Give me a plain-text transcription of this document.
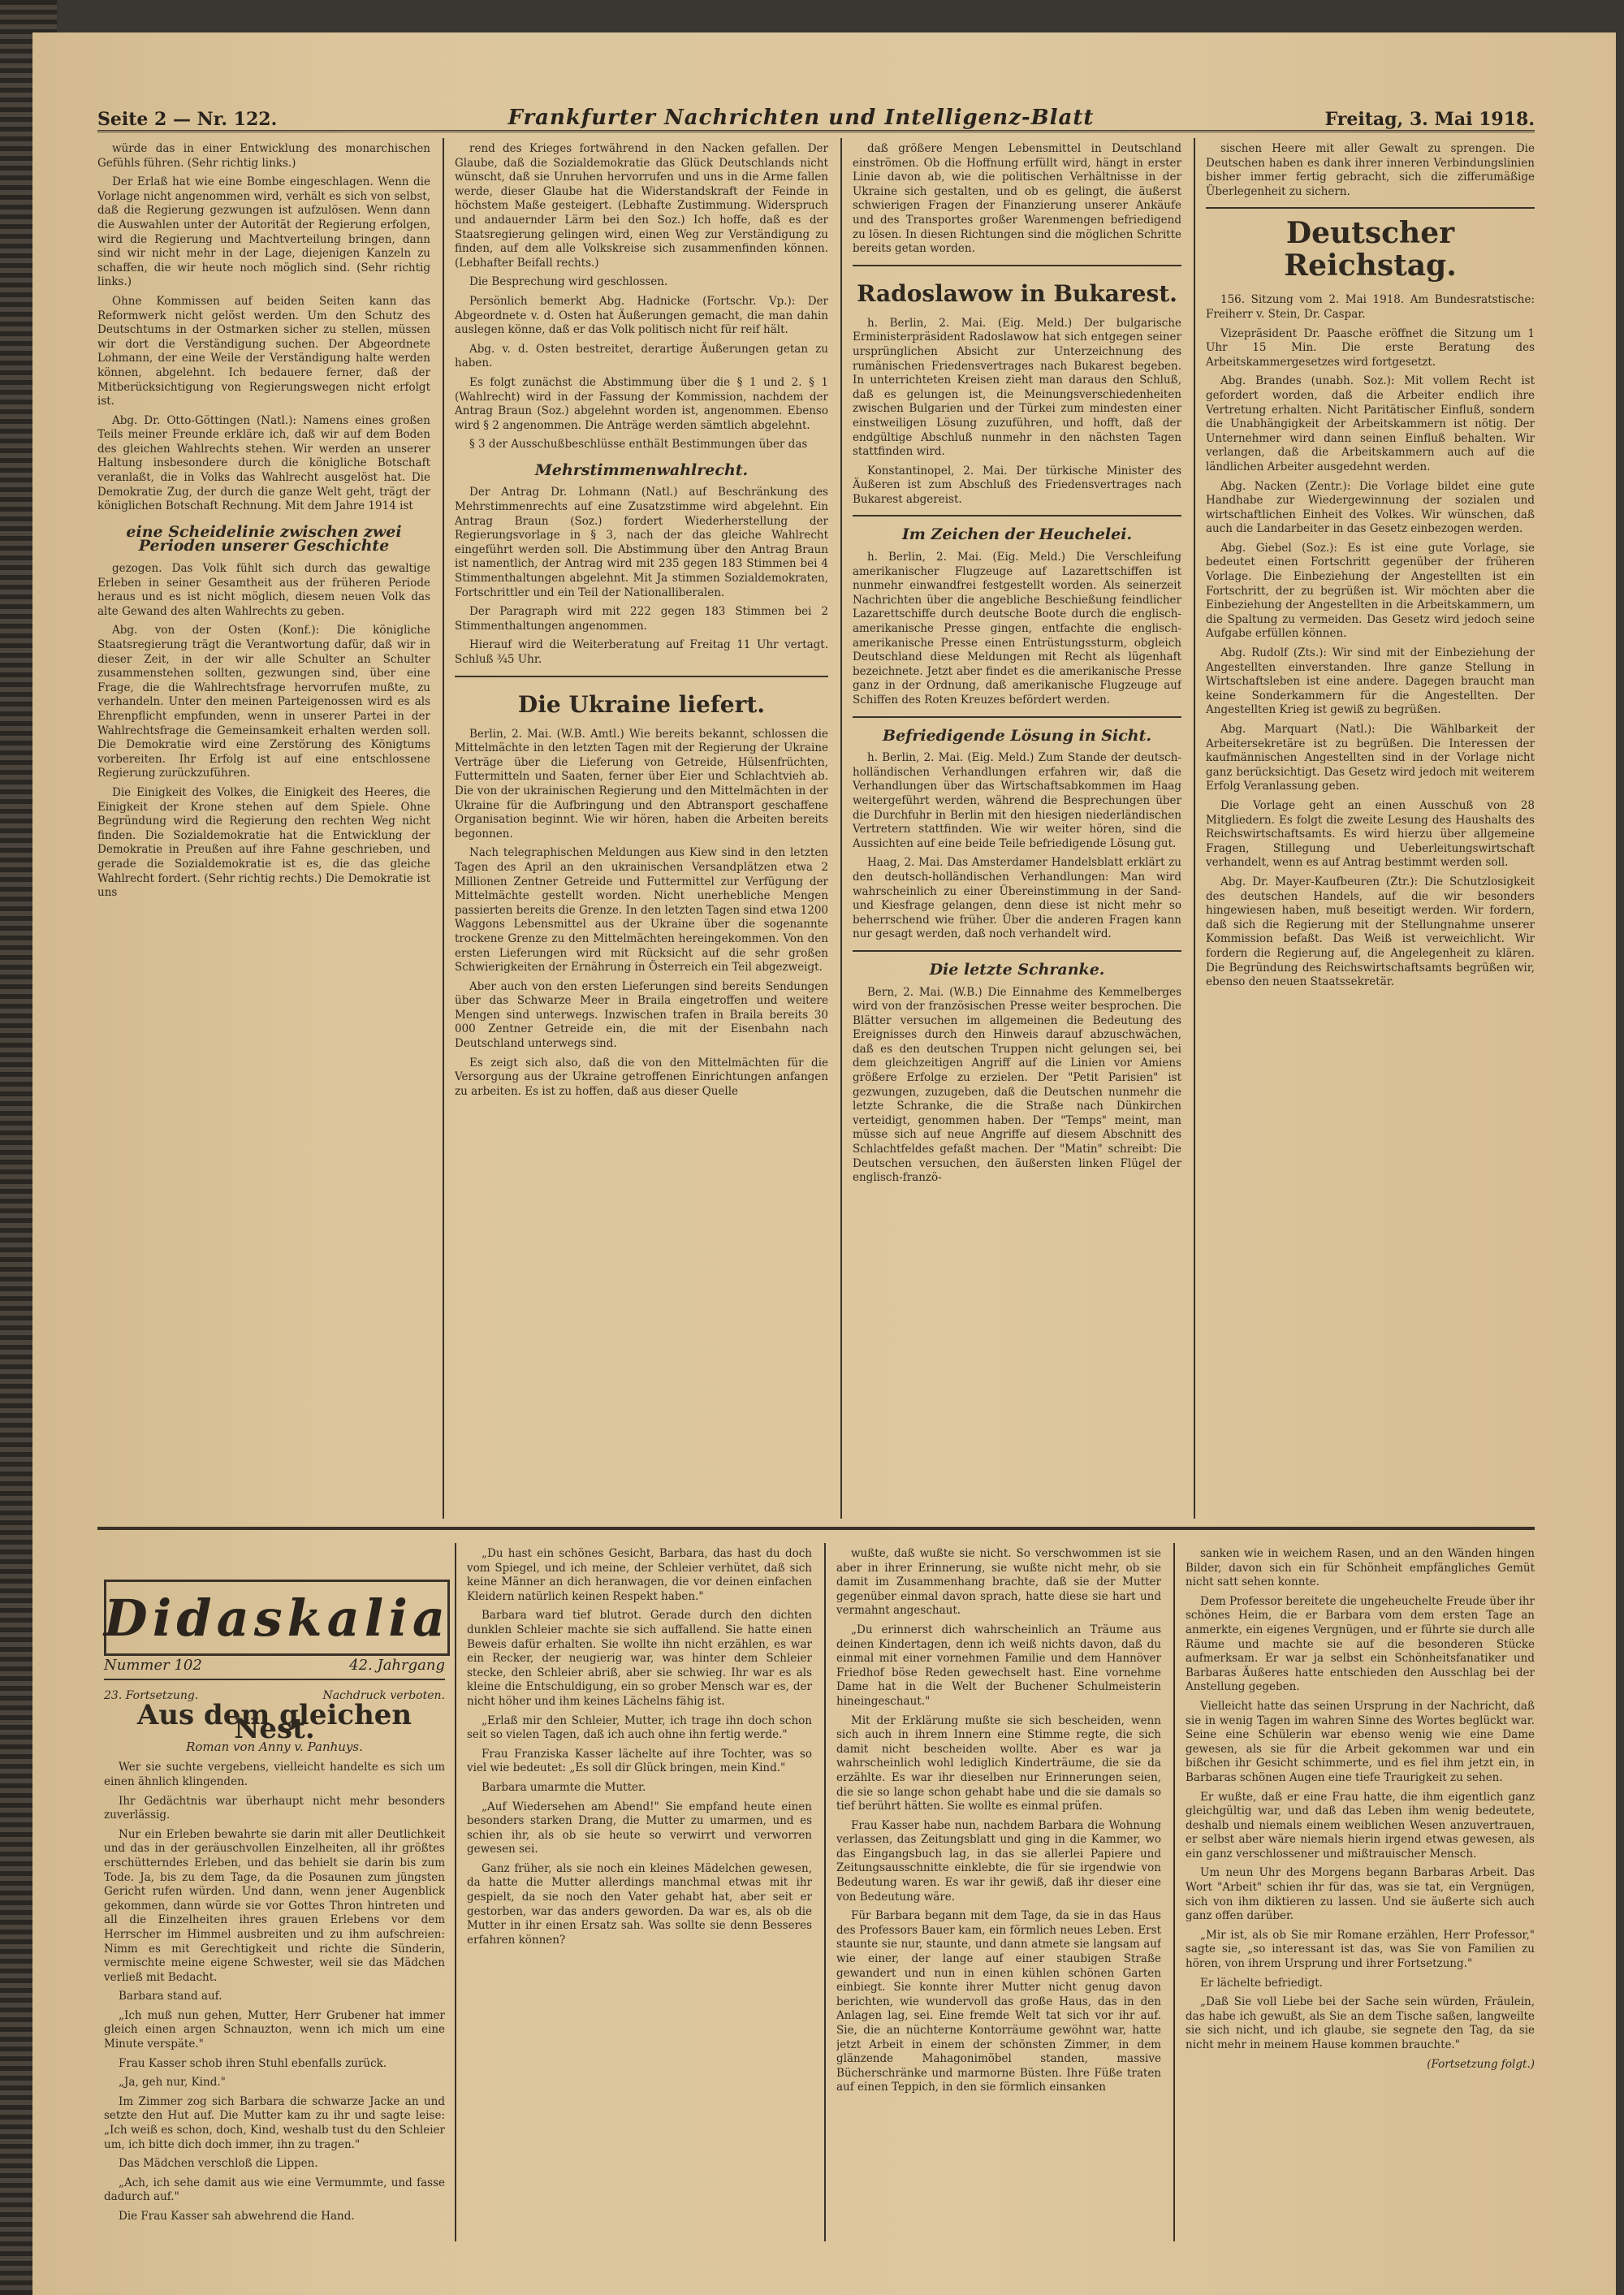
Seite 2 — Nr. 122.	Frankfurter Nachrichten und Intelligenz-Blatt	Freitag, 3. Mai 1918.

würde das in einer Entwicklung des monarchischen Gefühls führen. (Sehr richtig links.)

Der Erlaß hat wie eine Bombe eingeschlagen. Wenn die Vorlage nicht angenommen wird, verhält es sich von selbst, daß die Regierung gezwungen ist aufzulösen. Wenn dann die Auswahlen unter der Autorität der Regierung erfolgen, wird die Regierung und Machtverteilung bringen, dann sind wir nicht mehr in der Lage, diejenigen Kanzeln zu schaffen, die wir heute noch möglich sind. (Sehr richtig links.)

Ohne Kommissen auf beiden Seiten kann das Reformwerk nicht gelöst werden. Um den Schutz des Deutschtums in der Ostmarken sicher zu stellen, müssen wir dort die Verständigung suchen. Der Abgeordnete Lohmann, der eine Weile der Verständigung halte werden können, abgelehnt. Ich bedauere ferner, daß der Mitberücksichtigung von Regierungswegen nicht erfolgt ist.

Abg. Dr. Otto-Göttingen (Natl.): Namens eines großen Teils meiner Freunde erkläre ich, daß wir auf dem Boden des gleichen Wahlrechts stehen. Wir werden an unserer Haltung insbesondere durch die königliche Botschaft veranlaßt, die in Volks das Wahlrecht ausgelöst hat. Die Demokratie Zug, der durch die ganze Welt geht, trägt der königlichen Botschaft Rechnung. Mit dem Jahre 1914 ist

eine Scheidelinie zwischen zwei Perioden unserer Geschichte

gezogen. Das Volk fühlt sich durch das gewaltige Erleben in seiner Gesamtheit aus der früheren Periode heraus und es ist nicht möglich, diesem neuen Volk das alte Gewand des alten Wahlrechts zu geben.

Abg. von der Osten (Konf.): Die königliche Staatsregierung trägt die Verantwortung dafür, daß wir in dieser Zeit, in der wir alle Schulter an Schulter zusammenstehen sollten, gezwungen sind, über eine Frage, die die Wahlrechtsfrage hervorrufen mußte, zu verhandeln. Unter den meinen Parteigenossen wird es als Ehrenpflicht empfunden, wenn in unserer Partei in der Wahlrechtsfrage die Gemeinsamkeit erhalten werden soll. Die Demokratie wird eine Zerstörung des Königtums vorbereiten. Ihr Erfolg ist auf eine entschlossene Regierung zurückzuführen.

Die Einigkeit des Volkes, die Einigkeit des Heeres, die Einigkeit der Krone stehen auf dem Spiele. Ohne Begründung wird die Regierung den rechten Weg nicht finden. Die Sozialdemokratie hat die Entwicklung der Demokratie in Preußen auf ihre Fahne geschrieben, und gerade die Sozialdemokratie ist es, die das gleiche Wahlrecht fordert. (Sehr richtig rechts.) Die Demokratie ist uns

rend des Krieges fortwährend in den Nacken gefallen. Der Glaube, daß die Sozialdemokratie das Glück Deutschlands nicht wünscht, daß sie Unruhen hervorrufen und uns in die Arme fallen werde, dieser Glaube hat die Widerstandskraft der Feinde in höchstem Maße gesteigert. (Lebhafte Zustimmung. Widerspruch und andauernder Lärm bei den Soz.) Ich hoffe, daß es der Staatsregierung gelingen wird, einen Weg zur Verständigung zu finden, auf dem alle Volkskreise sich zusammenfinden können. (Lebhafter Beifall rechts.)

Die Besprechung wird geschlossen.

Persönlich bemerkt Abg. Hadnicke (Fortschr. Vp.): Der Abgeordnete v. d. Osten hat Äußerungen gemacht, die man dahin auslegen könne, daß er das Volk politisch nicht für reif hält.

Abg. v. d. Osten bestreitet, derartige Äußerungen getan zu haben.

Es folgt zunächst die Abstimmung über die § 1 und 2. § 1 (Wahlrecht) wird in der Fassung der Kommission, nachdem der Antrag Braun (Soz.) abgelehnt worden ist, angenommen. Ebenso wird § 2 angenommen. Die Anträge werden sämtlich abgelehnt.

§ 3 der Ausschußbeschlüsse enthält Bestimmungen über das

Mehrstimmenwahlrecht.

Der Antrag Dr. Lohmann (Natl.) auf Beschränkung des Mehrstimmenrechts auf eine Zusatzstimme wird abgelehnt. Ein Antrag Braun (Soz.) fordert Wiederherstellung der Regierungsvorlage in § 3, nach der das gleiche Wahlrecht eingeführt werden soll. Die Abstimmung über den Antrag Braun ist namentlich, der Antrag wird mit 235 gegen 183 Stimmen bei 4 Stimmenthaltungen abgelehnt. Mit Ja stimmen Sozialdemokraten, Fortschrittler und ein Teil der Nationalliberalen.

Der Paragraph wird mit 222 gegen 183 Stimmen bei 2 Stimmenthaltungen angenommen.

Hierauf wird die Weiterberatung auf Freitag 11 Uhr vertagt. Schluß ¾5 Uhr.

Die Ukraine liefert.

Berlin, 2. Mai. (W.B. Amtl.) Wie bereits bekannt, schlossen die Mittelmächte in den letzten Tagen mit der Regierung der Ukraine Verträge über die Lieferung von Getreide, Hülsenfrüchten, Futtermitteln und Saaten, ferner über Eier und Schlachtvieh ab. Die von der ukrainischen Regierung und den Mittelmächten in der Ukraine für die Aufbringung und den Abtransport geschaffene Organisation beginnt. Wie wir hören, haben die Arbeiten bereits begonnen.

Nach telegraphischen Meldungen aus Kiew sind in den letzten Tagen des April an den ukrainischen Versandplätzen etwa 2 Millionen Zentner Getreide und Futtermittel zur Verfügung der Mittelmächte gestellt worden. Nicht unerhebliche Mengen passierten bereits die Grenze. In den letzten Tagen sind etwa 1200 Waggons Lebensmittel aus der Ukraine über die sogenannte trockene Grenze zu den Mittelmächten hereingekommen. Von den ersten Lieferungen wird mit Rücksicht auf die sehr großen Schwierigkeiten der Ernährung in Österreich ein Teil abgezweigt.

Aber auch von den ersten Lieferungen sind bereits Sendungen über das Schwarze Meer in Braila eingetroffen und weitere Mengen sind unterwegs. Inzwischen trafen in Braila bereits 30 000 Zentner Getreide ein, die mit der Eisenbahn nach Deutschland unterwegs sind.

Es zeigt sich also, daß die von den Mittelmächten für die Versorgung aus der Ukraine getroffenen Einrichtungen anfangen zu arbeiten. Es ist zu hoffen, daß aus dieser Quelle

daß größere Mengen Lebensmittel in Deutschland einströmen. Ob die Hoffnung erfüllt wird, hängt in erster Linie davon ab, wie die politischen Verhältnisse in der Ukraine sich gestalten, und ob es gelingt, die äußerst schwierigen Fragen der Finanzierung unserer Ankäufe und des Transportes großer Warenmengen befriedigend zu lösen. In diesen Richtungen sind die möglichen Schritte bereits getan worden.

Radoslawow in Bukarest.

h. Berlin, 2. Mai. (Eig. Meld.) Der bulgarische Erministerpräsident Radoslawow hat sich entgegen seiner ursprünglichen Absicht zur Unterzeichnung des rumänischen Friedensvertrages nach Bukarest begeben. In unterrichteten Kreisen zieht man daraus den Schluß, daß es gelungen ist, die Meinungsverschiedenheiten zwischen Bulgarien und der Türkei zum mindesten einer einstweiligen Lösung zuzuführen, und hofft, daß der endgültige Abschluß nunmehr in den nächsten Tagen stattfinden wird.

Konstantinopel, 2. Mai. Der türkische Minister des Äußeren ist zum Abschluß des Friedensvertrages nach Bukarest abgereist.

Im Zeichen der Heuchelei.

h. Berlin, 2. Mai. (Eig. Meld.) Die Verschleifung amerikanischer Flugzeuge auf Lazarettschiffen ist nunmehr einwandfrei festgestellt worden. Als seinerzeit Nachrichten über die angebliche Beschießung feindlicher Lazarettschiffe durch deutsche Boote durch die englisch-amerikanische Presse gingen, entfachte die englisch-amerikanische Presse einen Entrüstungssturm, obgleich Deutschland diese Meldungen mit Recht als lügenhaft bezeichnete. Jetzt aber findet es die amerikanische Presse ganz in der Ordnung, daß amerikanische Flugzeuge auf Schiffen des Roten Kreuzes befördert werden.

Befriedigende Lösung in Sicht.

h. Berlin, 2. Mai. (Eig. Meld.) Zum Stande der deutsch-holländischen Verhandlungen erfahren wir, daß die Verhandlungen über das Wirtschaftsabkommen im Haag weitergeführt werden, während die Besprechungen über die Durchfuhr in Berlin mit den hiesigen niederländischen Vertretern stattfinden. Wie wir weiter hören, sind die Aussichten auf eine beide Teile befriedigende Lösung gut.

Haag, 2. Mai. Das Amsterdamer Handelsblatt erklärt zu den deutsch-holländischen Verhandlungen: Man wird wahrscheinlich zu einer Übereinstimmung in der Sand- und Kiesfrage gelangen, denn diese ist nicht mehr so beherrschend wie früher. Über die anderen Fragen kann nur gesagt werden, daß noch verhandelt wird.

Die letzte Schranke.

Bern, 2. Mai. (W.B.) Die Einnahme des Kemmelberges wird von der französischen Presse weiter besprochen. Die Blätter versuchen im allgemeinen die Bedeutung des Ereignisses durch den Hinweis darauf abzuschwächen, daß es den deutschen Truppen nicht gelungen sei, bei dem gleichzeitigen Angriff auf die Linien vor Amiens größere Erfolge zu erzielen. Der "Petit Parisien" ist gezwungen, zuzugeben, daß die Deutschen nunmehr die letzte Schranke, die die Straße nach Dünkirchen verteidigt, genommen haben. Der "Temps" meint, man müsse sich auf neue Angriffe auf diesem Abschnitt des Schlachtfeldes gefaßt machen. Der "Matin" schreibt: Die Deutschen versuchen, den äußersten linken Flügel der englisch-franzö-

sischen Heere mit aller Gewalt zu sprengen. Die Deutschen haben es dank ihrer inneren Verbindungslinien bisher immer fertig gebracht, sich die zifferumäßige Überlegenheit zu sichern.

Deutscher Reichstag.

156. Sitzung vom 2. Mai 1918. Am Bundesratstische: Freiherr v. Stein, Dr. Caspar.

Vizepräsident Dr. Paasche eröffnet die Sitzung um 1 Uhr 15 Min. Die erste Beratung des Arbeitskammergesetzes wird fortgesetzt.

Abg. Brandes (unabh. Soz.): Mit vollem Recht ist gefordert worden, daß die Arbeiter endlich ihre Vertretung erhalten. Nicht Paritätischer Einfluß, sondern die Unabhängigkeit der Arbeitskammern ist nötig. Der Unternehmer wird dann seinen Einfluß behalten. Wir verlangen, daß die Arbeitskammern auch auf die ländlichen Arbeiter ausgedehnt werden.

Abg. Nacken (Zentr.): Die Vorlage bildet eine gute Handhabe zur Wiedergewinnung der sozialen und wirtschaftlichen Einheit des Volkes. Wir wünschen, daß auch die Landarbeiter in das Gesetz einbezogen werden.

Abg. Giebel (Soz.): Es ist eine gute Vorlage, sie bedeutet einen Fortschritt gegenüber der früheren Vorlage. Die Einbeziehung der Angestellten ist ein Fortschritt, der zu begrüßen ist. Wir möchten aber die Einbeziehung der Angestellten in die Arbeitskammern, um die Spaltung zu vermeiden. Das Gesetz wird jedoch seine Aufgabe erfüllen können.

Abg. Rudolf (Zts.): Wir sind mit der Einbeziehung der Angestellten einverstanden. Ihre ganze Stellung in Wirtschaftsleben ist eine andere. Dagegen braucht man keine Sonderkammern für die Angestellten. Der Angestellten Krieg ist gewiß zu begrüßen.

Abg. Marquart (Natl.): Die Wählbarkeit der Arbeitersekretäre ist zu begrüßen. Die Interessen der kaufmännischen Angestellten sind in der Vorlage nicht ganz berücksichtigt. Das Gesetz wird jedoch mit weiterem Erfolg Veranlassung geben.

Die Vorlage geht an einen Ausschuß von 28 Mitgliedern. Es folgt die zweite Lesung des Haushalts des Reichswirtschaftsamts. Es wird hierzu über allgemeine Fragen, Stillegung und Ueberleitungswirtschaft verhandelt, wenn es auf Antrag bestimmt werden soll.

Abg. Dr. Mayer-Kaufbeuren (Ztr.): Die Schutzlosigkeit des deutschen Handels, auf die wir besonders hingewiesen haben, muß beseitigt werden. Wir fordern, daß sich die Regierung mit der Stellungnahme unserer Kommission befaßt. Das Weiß ist verweichlicht. Wir fordern die Regierung auf, die Angelegenheit zu klären. Die Begründung des Reichswirtschaftsamts begrüßen wir, ebenso den neuen Staatssekretär.

Didaskalia
Nummer 102	42. Jahrgang
23. Fortsetzung.	Nachdruck verboten.
Aus dem gleichen Nest.
Roman von Anny v. Panhuys.

Wer sie suchte vergebens, vielleicht handelte es sich um einen ähnlich klingenden.

Ihr Gedächtnis war überhaupt nicht mehr besonders zuverlässig.

Nur ein Erleben bewahrte sie darin mit aller Deutlichkeit und das in der geräuschvollen Einzelheiten, all ihr größtes erschütterndes Erleben, und das behielt sie darin bis zum Tode. Ja, bis zu dem Tage, da die Posaunen zum jüngsten Gericht rufen würden. Und dann, wenn jener Augenblick gekommen, dann würde sie vor Gottes Thron hintreten und all die Einzelheiten ihres grauen Erlebens vor dem Herrscher im Himmel ausbreiten und zu ihm aufschreien: Nimm es mit Gerechtigkeit und richte die Sünderin, vermischte meine eigene Schwester, weil sie das Mädchen verließ mit Bedacht.

Barbara stand auf.

„Ich muß nun gehen, Mutter, Herr Grubener hat immer gleich einen argen Schnauzton, wenn ich mich um eine Minute verspäte."

Frau Kasser schob ihren Stuhl ebenfalls zurück.

„Ja, geh nur, Kind."

Im Zimmer zog sich Barbara die schwarze Jacke an und setzte den Hut auf. Die Mutter kam zu ihr und sagte leise: „Ich weiß es schon, doch, Kind, weshalb tust du den Schleier um, ich bitte dich doch immer, ihn zu tragen."

Das Mädchen verschloß die Lippen.

„Ach, ich sehe damit aus wie eine Vermummte, und fasse dadurch auf."

Die Frau Kasser sah abwehrend die Hand.

„Du hast ein schönes Gesicht, Barbara, das hast du doch vom Spiegel, und ich meine, der Schleier verhütet, daß sich keine Männer an dich heranwagen, die vor deinen einfachen Kleidern natürlich keinen Respekt haben."

Barbara ward tief blutrot. Gerade durch den dichten dunklen Schleier machte sie sich auffallend. Sie hatte einen Beweis dafür erhalten. Sie wollte ihn nicht erzählen, es war ein Recker, der neugierig war, was hinter dem Schleier stecke, den Schleier abriß, aber sie schwieg. Ihr war es als kleine die Entschuldigung, ein so grober Mensch war es, der nicht höher und ihm keines Lächelns fähig ist.

„Erlaß mir den Schleier, Mutter, ich trage ihn doch schon seit so vielen Tagen, daß ich auch ohne ihn fertig werde."

Frau Franziska Kasser lächelte auf ihre Tochter, was so viel wie bedeutet: „Es soll dir Glück bringen, mein Kind."

Barbara umarmte die Mutter.

„Auf Wiedersehen am Abend!" Sie empfand heute einen besonders starken Drang, die Mutter zu umarmen, und es schien ihr, als ob sie heute so verwirrt und verworren gewesen sei.

Ganz früher, als sie noch ein kleines Mädelchen gewesen, da hatte die Mutter allerdings manchmal etwas mit ihr gespielt, da sie noch den Vater gehabt hat, aber seit er gestorben, war das anders geworden. Da war es, als ob die Mutter in ihr einen Ersatz sah. Was sollte sie denn Besseres erfahren können?

wußte, daß wußte sie nicht. So verschwommen ist sie aber in ihrer Erinnerung, sie wußte nicht mehr, ob sie damit im Zusammenhang brachte, daß sie der Mutter gegenüber einmal davon sprach, hatte diese sie hart und vermahnt angeschaut.

„Du erinnerst dich wahrscheinlich an Träume aus deinen Kindertagen, denn ich weiß nichts davon, daß du einmal mit einer vornehmen Familie und dem Hannöver Friedhof böse Reden gewechselt hast. Eine vornehme Dame hat in die Welt der Buchener Schulmeisterin hineingeschaut."

Mit der Erklärung mußte sie sich bescheiden, wenn sich auch in ihrem Innern eine Stimme regte, die sich damit nicht bescheiden wollte. Aber es war ja wahrscheinlich wohl lediglich Kinderträume, die sie da erzählte. Es war ihr dieselben nur Erinnerungen seien, die sie so lange schon gehabt habe und die sie damals so tief berührt hätten. Sie wollte es einmal prüfen.

Frau Kasser habe nun, nachdem Barbara die Wohnung verlassen, das Zeitungsblatt und ging in die Kammer, wo das Eingangsbuch lag, in das sie allerlei Papiere und Zeitungsausschnitte einklebte, die für sie irgendwie von Bedeutung waren. Es war ihr gewiß, daß ihr dieser eine von Bedeutung wäre.

Für Barbara begann mit dem Tage, da sie in das Haus des Professors Bauer kam, ein förmlich neues Leben. Erst staunte sie nur, staunte, und dann atmete sie langsam auf wie einer, der lange auf einer staubigen Straße gewandert und nun in einen kühlen schönen Garten einbiegt. Sie konnte ihrer Mutter nicht genug davon berichten, wie wundervoll das große Haus, das in den Anlagen lag, sei. Eine fremde Welt tat sich vor ihr auf. Sie, die an nüchterne Kontorräume gewöhnt war, hatte jetzt Arbeit in einem der schönsten Zimmer, in dem glänzende Mahagonimöbel standen, massive Bücherschränke und marmorne Büsten. Ihre Füße traten auf einen Teppich, in den sie förmlich einsanken

sanken wie in weichem Rasen, und an den Wänden hingen Bilder, davon sich ein für Schönheit empfängliches Gemüt nicht satt sehen konnte.

Dem Professor bereitete die ungeheuchelte Freude über ihr schönes Heim, die er Barbara vom dem ersten Tage an anmerkte, ein eigenes Vergnügen, und er führte sie durch alle Räume und machte sie auf die besonderen Stücke aufmerksam. Er war ja selbst ein Schönheitsfanatiker und Barbaras Äußeres hatte entschieden den Ausschlag bei der Anstellung gegeben.

Vielleicht hatte das seinen Ursprung in der Nachricht, daß sie in wenig Tagen im wahren Sinne des Wortes beglückt war. Seine eine Schülerin war ebenso wenig wie eine Dame gewesen, als sie für die Arbeit gekommen war und ein bißchen ihr Gesicht schimmerte, und es fiel ihm jetzt ein, in Barbaras schönen Augen eine tiefe Traurigkeit zu sehen.

Er wußte, daß er eine Frau hatte, die ihm eigentlich ganz gleichgültig war, und daß das Leben ihm wenig bedeutete, deshalb und niemals einem weiblichen Wesen anzuvertrauen, er selbst aber wäre niemals hierin irgend etwas gewesen, als ein ganz verschlossener und mißtrauischer Mensch.

Um neun Uhr des Morgens begann Barbaras Arbeit. Das Wort "Arbeit" schien ihr für das, was sie tat, ein Vergnügen, sich von ihm diktieren zu lassen. Und sie äußerte sich auch ganz offen darüber.

„Mir ist, als ob Sie mir Romane erzählen, Herr Professor," sagte sie, „so interessant ist das, was Sie von Familien zu hören, von ihrem Ursprung und ihrer Fortsetzung."

Er lächelte befriedigt.

„Daß Sie voll Liebe bei der Sache sein würden, Fräulein, das habe ich gewußt, als Sie an dem Tische saßen, langweilte sie sich nicht, und ich glaube, sie segnete den Tag, da sie nicht mehr in meinem Hause kommen brauchte."

(Fortsetzung folgt.)
